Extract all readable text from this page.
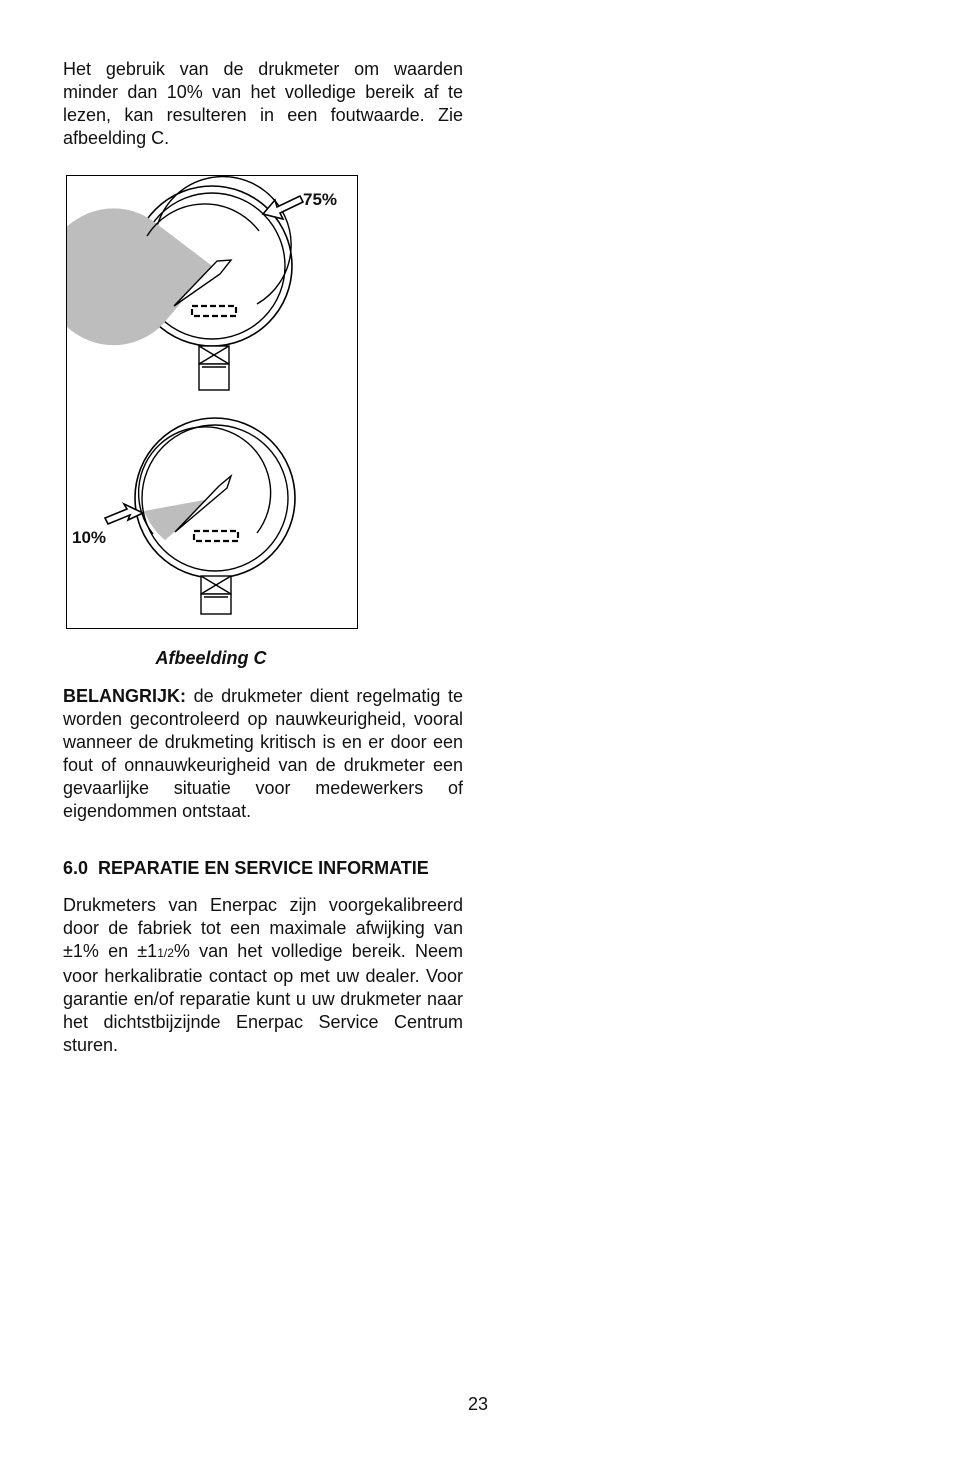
Het gebruik van de drukmeter om waarden minder dan 10% van het volledige bereik af te lezen, kan resulteren in een foutwaarde. Zie afbeelding C.

75%
10%
Afbeelding C

BELANGRIJK: de drukmeter dient regelmatig te worden gecontroleerd op nauwkeurigheid, vooral wanneer de drukmeting kritisch is en er door een fout of onnauwkeurigheid van de drukmeter een gevaarlijke situatie voor medewerkers of eigendommen ontstaat.

6.0 REPARATIE EN SERVICE INFORMATIE

Drukmeters van Enerpac zijn voorgekalibreerd door de fabriek tot een maximale afwijking van ±1% en ±11/2% van het volledige bereik. Neem voor herkalibratie contact op met uw dealer. Voor garantie en/of reparatie kunt u uw drukmeter naar het dichtstbijzijnde Enerpac Service Centrum sturen.

23
